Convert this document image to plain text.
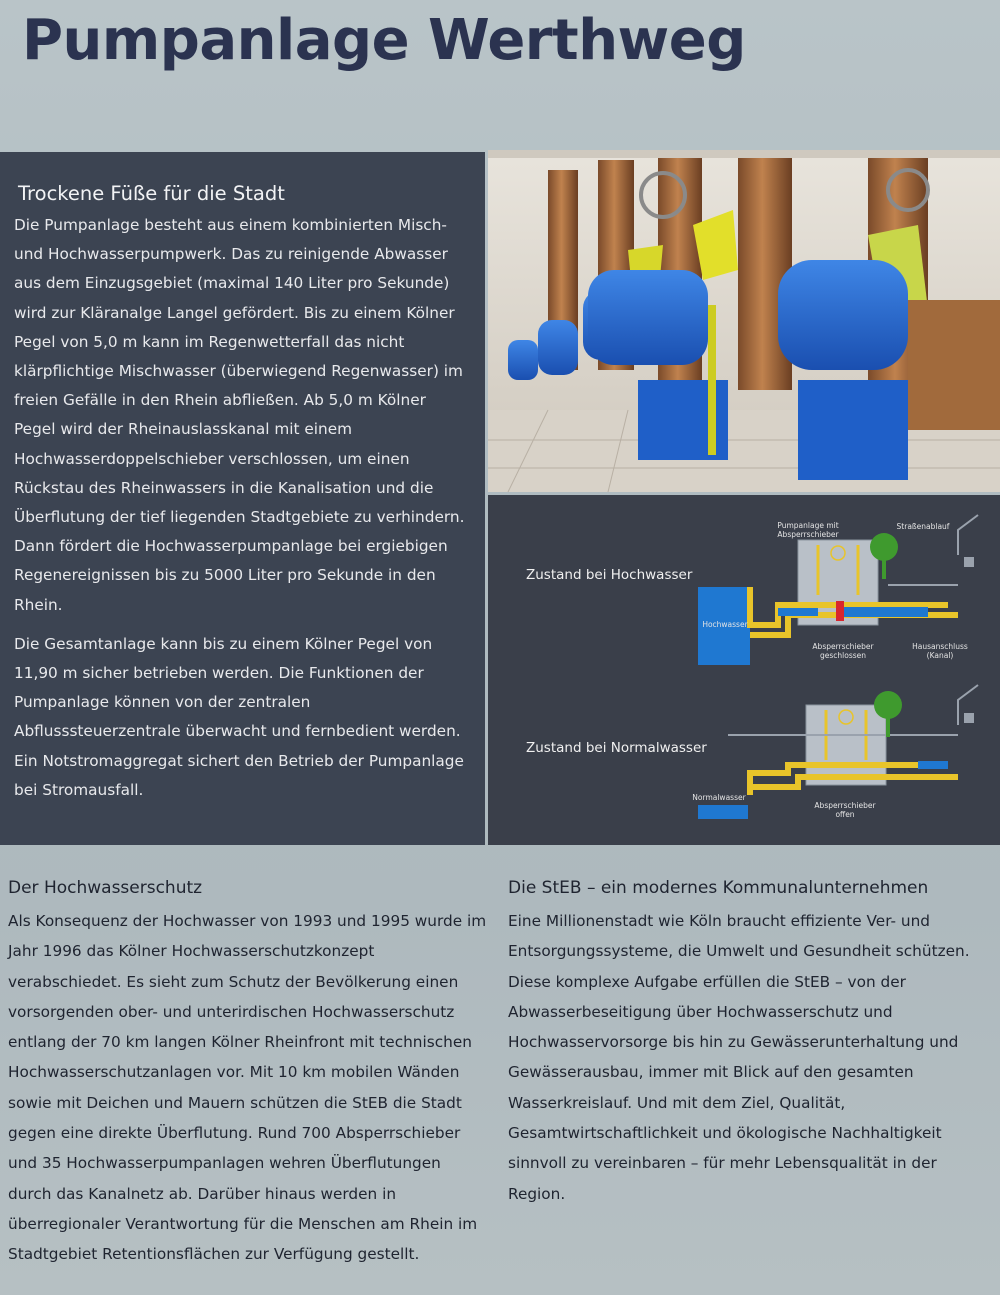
Pumpanlage Werthweg
Trockene Füße für die Stadt

Die Pumpanlage besteht aus einem kombinierten Misch- und Hochwasserpumpwerk. Das zu reinigende Abwasser aus dem Einzugsgebiet (maximal 140 Liter pro Sekunde) wird zur Kläranalge Langel gefördert. Bis zu einem Kölner Pegel von 5,0 m kann im Regenwetterfall das nicht klärpflichtige Mischwasser (überwiegend Regenwasser) im freien Gefälle in den Rhein abfließen. Ab 5,0 m Kölner Pegel wird der Rheinauslasskanal mit einem Hochwasserdoppelschieber verschlossen, um einen Rückstau des Rheinwassers in die Kanalisation und die Überflutung der tief liegenden Stadtgebiete zu verhindern. Dann fördert die Hochwasserpumpanlage bei ergiebigen Regenereignissen bis zu 5000 Liter pro Sekunde in den Rhein.

Die Gesamtanlage kann bis zu einem Kölner Pegel von 11,90 m sicher betrieben werden. Die Funktionen der Pumpanlage können von der zentralen Abflusssteuerzentrale überwacht und fernbedient werden. Ein Notstromaggregat sichert den Betrieb der Pumpanlage bei Stromausfall.

Zustand bei Hochwasser
Zustand bei Normalwasser
Hochwasser
Pumpanlage mit Absperrschieber
Straßenablauf
Absperrschieber geschlossen
Hausanschluss (Kanal)
Normalwasser
Absperrschieber offen
Der Hochwasserschutz

Als Konsequenz der Hochwasser von 1993 und 1995 wurde im Jahr 1996 das Kölner Hochwasserschutzkonzept verabschiedet. Es sieht zum Schutz der Bevölkerung einen vorsorgenden ober- und unterirdischen Hochwasserschutz entlang der 70 km langen Kölner Rheinfront mit technischen Hochwasserschutzanlagen vor. Mit 10 km mobilen Wänden sowie mit Deichen und Mauern schützen die StEB die Stadt gegen eine direkte Überflutung. Rund 700 Absperrschieber und 35 Hochwasserpumpanlagen wehren Überflutungen durch das Kanalnetz ab. Darüber hinaus werden in überregionaler Verantwortung für die Menschen am Rhein im Stadtgebiet Retentionsflächen zur Verfügung gestellt.

Die StEB – ein modernes Kommunalunternehmen

Eine Millionenstadt wie Köln braucht effiziente Ver- und Entsorgungssysteme, die Umwelt und Gesundheit schützen. Diese komplexe Aufgabe erfüllen die StEB – von der Abwasserbeseitigung über Hochwasserschutz und Hochwasservorsorge bis hin zu Gewässerunterhaltung und Gewässerausbau, immer mit Blick auf den gesamten Wasserkreislauf. Und mit dem Ziel, Qualität, Gesamtwirtschaftlichkeit und ökologische Nachhaltigkeit sinnvoll zu vereinbaren – für mehr Lebensqualität in der Region.
